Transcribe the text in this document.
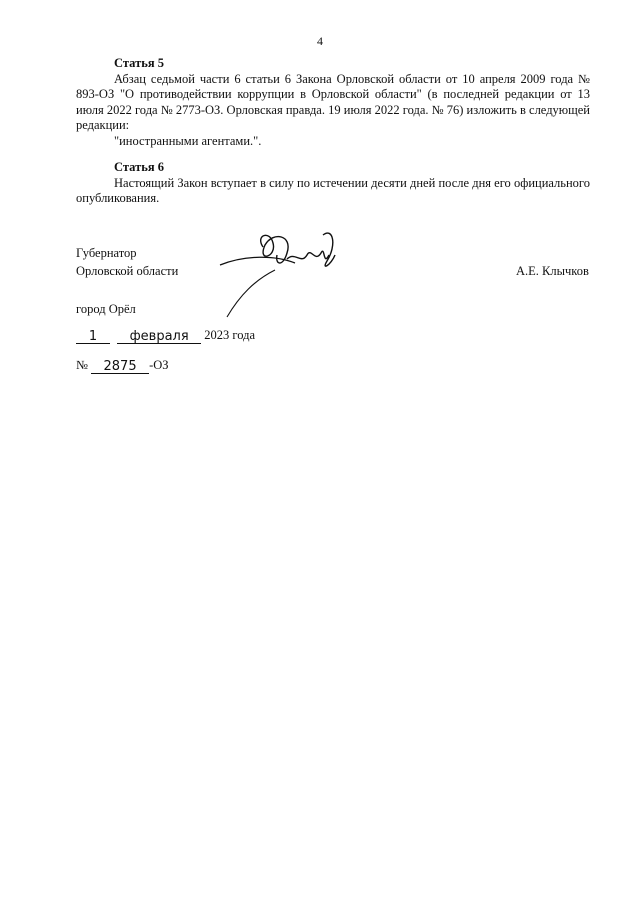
4
Статья 5

Абзац седьмой части 6 статьи 6 Закона Орловской области от 10 апреля 2009 года № 893-ОЗ "О противодействии коррупции в Орловской области" (в последней редакции от 13 июля 2022 года № 2773-ОЗ. Орловская правда. 19 июля 2022 года. № 76) изложить в следующей редакции:

"иностранными агентами.".
Статья 6

Настоящий Закон вступает в силу по истечении десяти дней после дня его официального опубликования.

Губернатор
Орловской области	А.Е. Клычков
город Орёл
1 февраля 2023 года
№ 2875 -ОЗ
